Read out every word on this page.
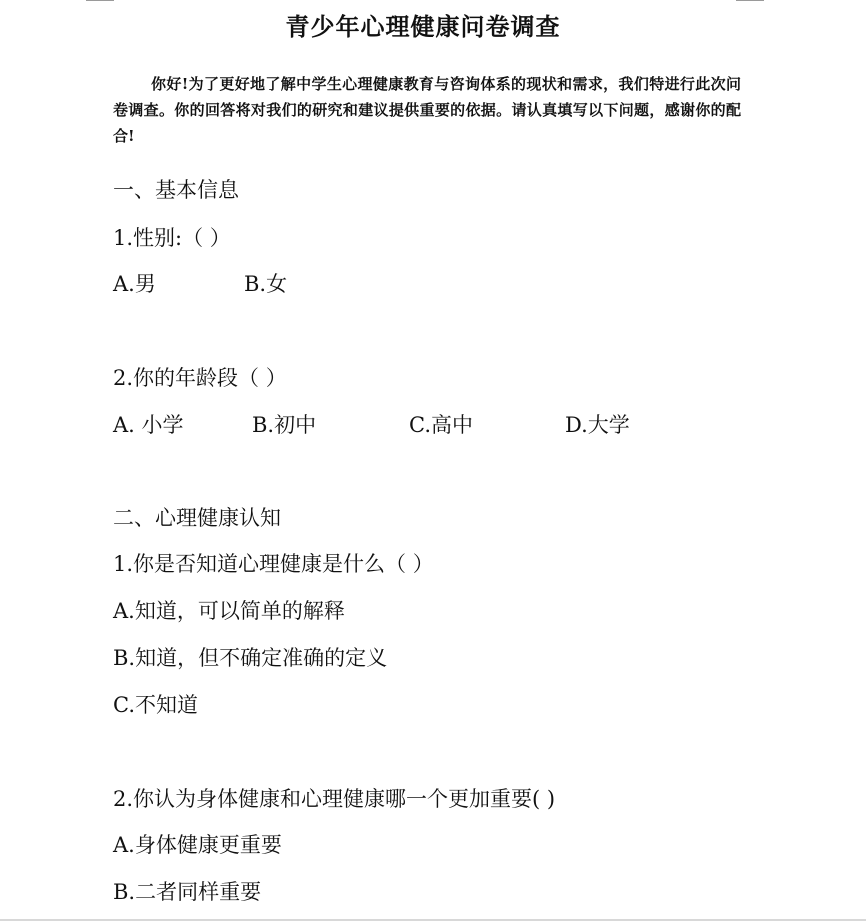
青少年心理健康问卷调查
你好!为了更好地了解中学生心理健康教育与咨询体系的现状和需求，我们特进行此次问卷调查。你的回答将对我们的研究和建议提供重要的依据。请认真填写以下问题，感谢你的配合!
一、基本信息
1.性别:（ ）
A.男	B.女
2.你的年龄段（ ）
A. 小学	B.初中	C.高中	D.大学
二、心理健康认知
1.你是否知道心理健康是什么（ ）
A.知道，可以简单的解释
B.知道，但不确定准确的定义
C.不知道
2.你认为身体健康和心理健康哪一个更加重要( )
A.身体健康更重要
B.二者同样重要
